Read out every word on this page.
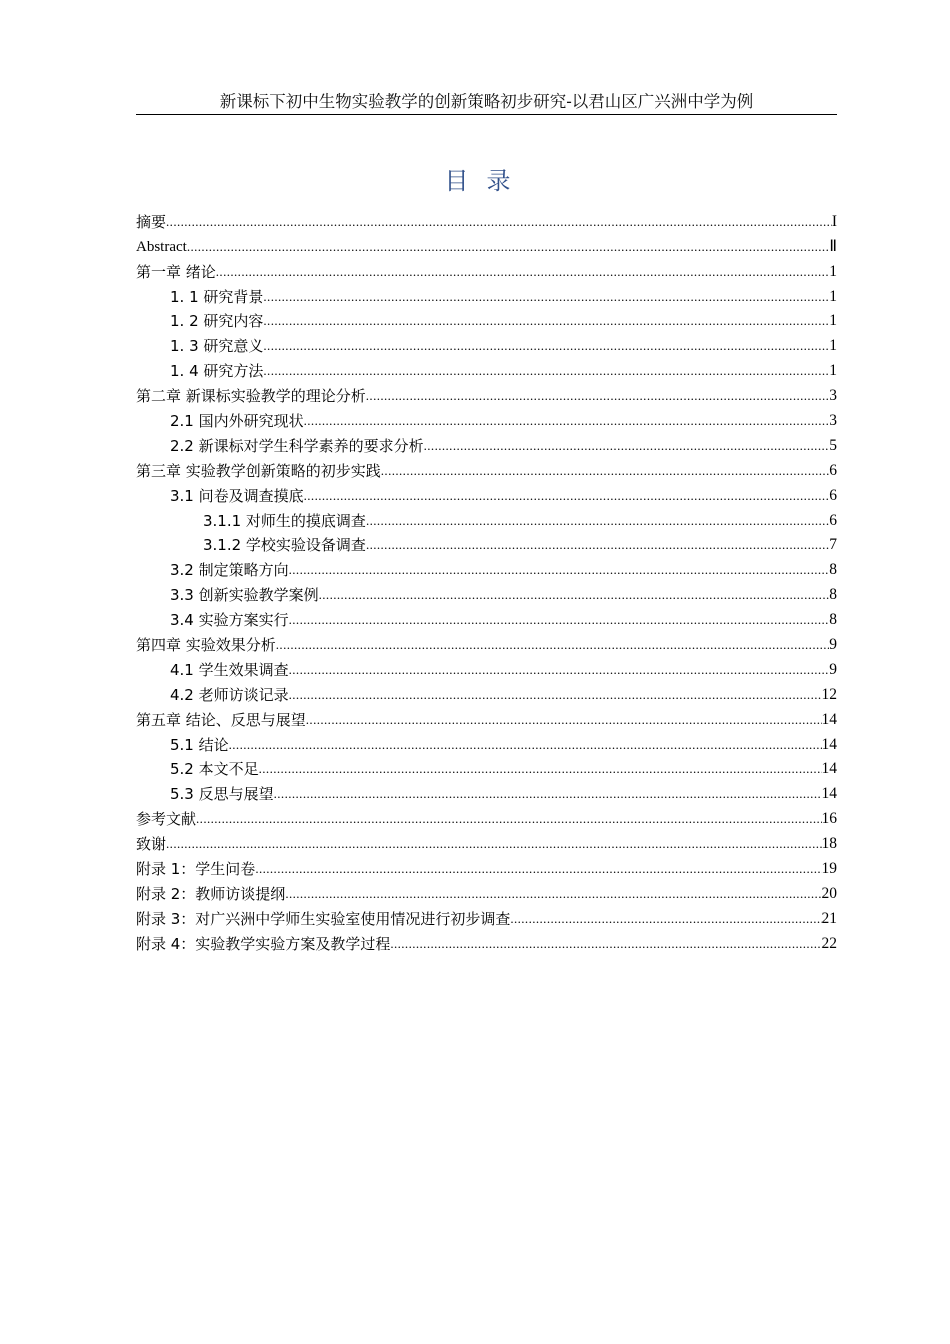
新课标下初中生物实验教学的创新策略初步研究-以君山区广兴洲中学为例
目录
摘要 .....	I
Abstract .....	Ⅱ
第一章 绪论 .....	1
1. 1 研究背景 .....	1
1. 2 研究内容 .....	1
1. 3 研究意义 .....	1
1. 4 研究方法 .....	1
第二章 新课标实验教学的理论分析 .....	3
2.1 国内外研究现状 .....	3
2.2 新课标对学生科学素养的要求分析 .....	5
第三章 实验教学创新策略的初步实践 .....	6
3.1 问卷及调查摸底 .....	6
3.1.1 对师生的摸底调查 .....	6
3.1.2 学校实验设备调查 .....	7
3.2 制定策略方向 .....	8
3.3 创新实验教学案例 .....	8
3.4 实验方案实行 .....	8
第四章 实验效果分析 .....	9
4.1 学生效果调查 .....	9
4.2 老师访谈记录 .....	12
第五章 结论、反思与展望 .....	14
5.1 结论 .....	14
5.2 本文不足 .....	14
5.3 反思与展望 .....	14
参考文献 .....	16
致谢 .....	18
附录 1：学生问卷 .....	19
附录 2：教师访谈提纲 .....	20
附录 3：对广兴洲中学师生实验室使用情况进行初步调查 .....	21
附录 4：实验教学实验方案及教学过程 .....	22
